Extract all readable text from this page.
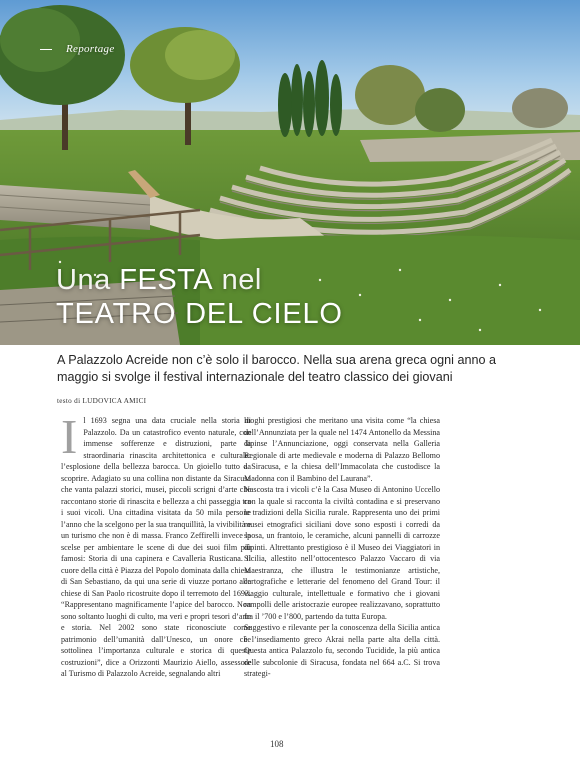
Reportage
Una FESTA nel
TEATRO DEL CIELO
A Palazzolo Acreide non c’è solo il barocco. Nella sua arena greca ogni anno a maggio si svolge il festival internazionale del teatro classico dei giovani
testo di LUDOVICA AMICI
I l 1693 segna una data cruciale nella storia di Palazzolo. Da un catastrofico evento naturale, con immense sofferenze e distruzioni, parte la straordinaria rinascita architettonica e culturale: l’esplosione della bellezza barocca. Un gioiello tutto da scoprire. Adagiato su una collina non distante da Siracusa che vanta palazzi storici, musei, piccoli scrigni d’arte che raccontano storie di rinascita e bellezza a chi passeggia tra i suoi vicoli. Una cittadina visitata da 50 mila persone l’anno che la scelgono per la sua tranquillità, la vivibilità e un turismo che non è di massa. Franco Zeffirelli invece la scelse per ambientare le scene di due dei suoi film più famosi: Storia di una capinera e Cavalleria Rusticana. Il cuore della città è Piazza del Popolo dominata dalla chiesa di San Sebastiano, da qui una serie di viuzze portano alle chiese di San Paolo ricostruite dopo il terremoto del 1693. “Rappresentano magnificamente l’apice del barocco. Non sono soltanto luoghi di culto, ma veri e propri tesori d’arte e storia. Nel 2002 sono state riconosciute come patrimonio dell’umanità dall’Unesco, un onore che sottolinea l’importanza culturale e storica di queste costruzioni”, dice a Orizzonti Maurizio Aiello, assessore al Turismo di Palazzolo Acreide, segnalando altri

luoghi prestigiosi che meritano una visita come “la chiesa dell’Annunziata per la quale nel 1474 Antonello da Messina dipinse l’Annunciazione, oggi conservata nella Galleria Regionale di arte medievale e moderna di Palazzo Bellomo a Siracusa, e la chiesa dell’Immacolata che custodisce la Madonna con il Bambino del Laurana”.

Nascosta tra i vicoli c’è la Casa Museo di Antonino Uccello con la quale si racconta la civiltà contadina e si preservano le tradizioni della Sicilia rurale. Rappresenta uno dei primi musei etnografici siciliani dove sono esposti i corredi da sposa, un frantoio, le ceramiche, alcuni pannelli di carrozze dipinti. Altrettanto prestigioso è il Museo dei Viaggiatori in Sicilia, allestito nell’ottocentesco Palazzo Vaccaro di via Maestranza, che illustra le testimonianze artistiche, cartografiche e letterarie del fenomeno del Grand Tour: il viaggio culturale, intellettuale e formativo che i giovani rampolli delle aristocrazie europee realizzavano, soprattutto fra il ’700 e l’800, partendo da tutta Europa.

Suggestivo e rilevante per la conoscenza della Sicilia antica è l’insediamento greco Akrai nella parte alta della città. Questa antica Palazzolo fu, secondo Tucidide, la più antica delle subcolonie di Siracusa, fondata nel 664 a.C. Si trova strategi-

108
